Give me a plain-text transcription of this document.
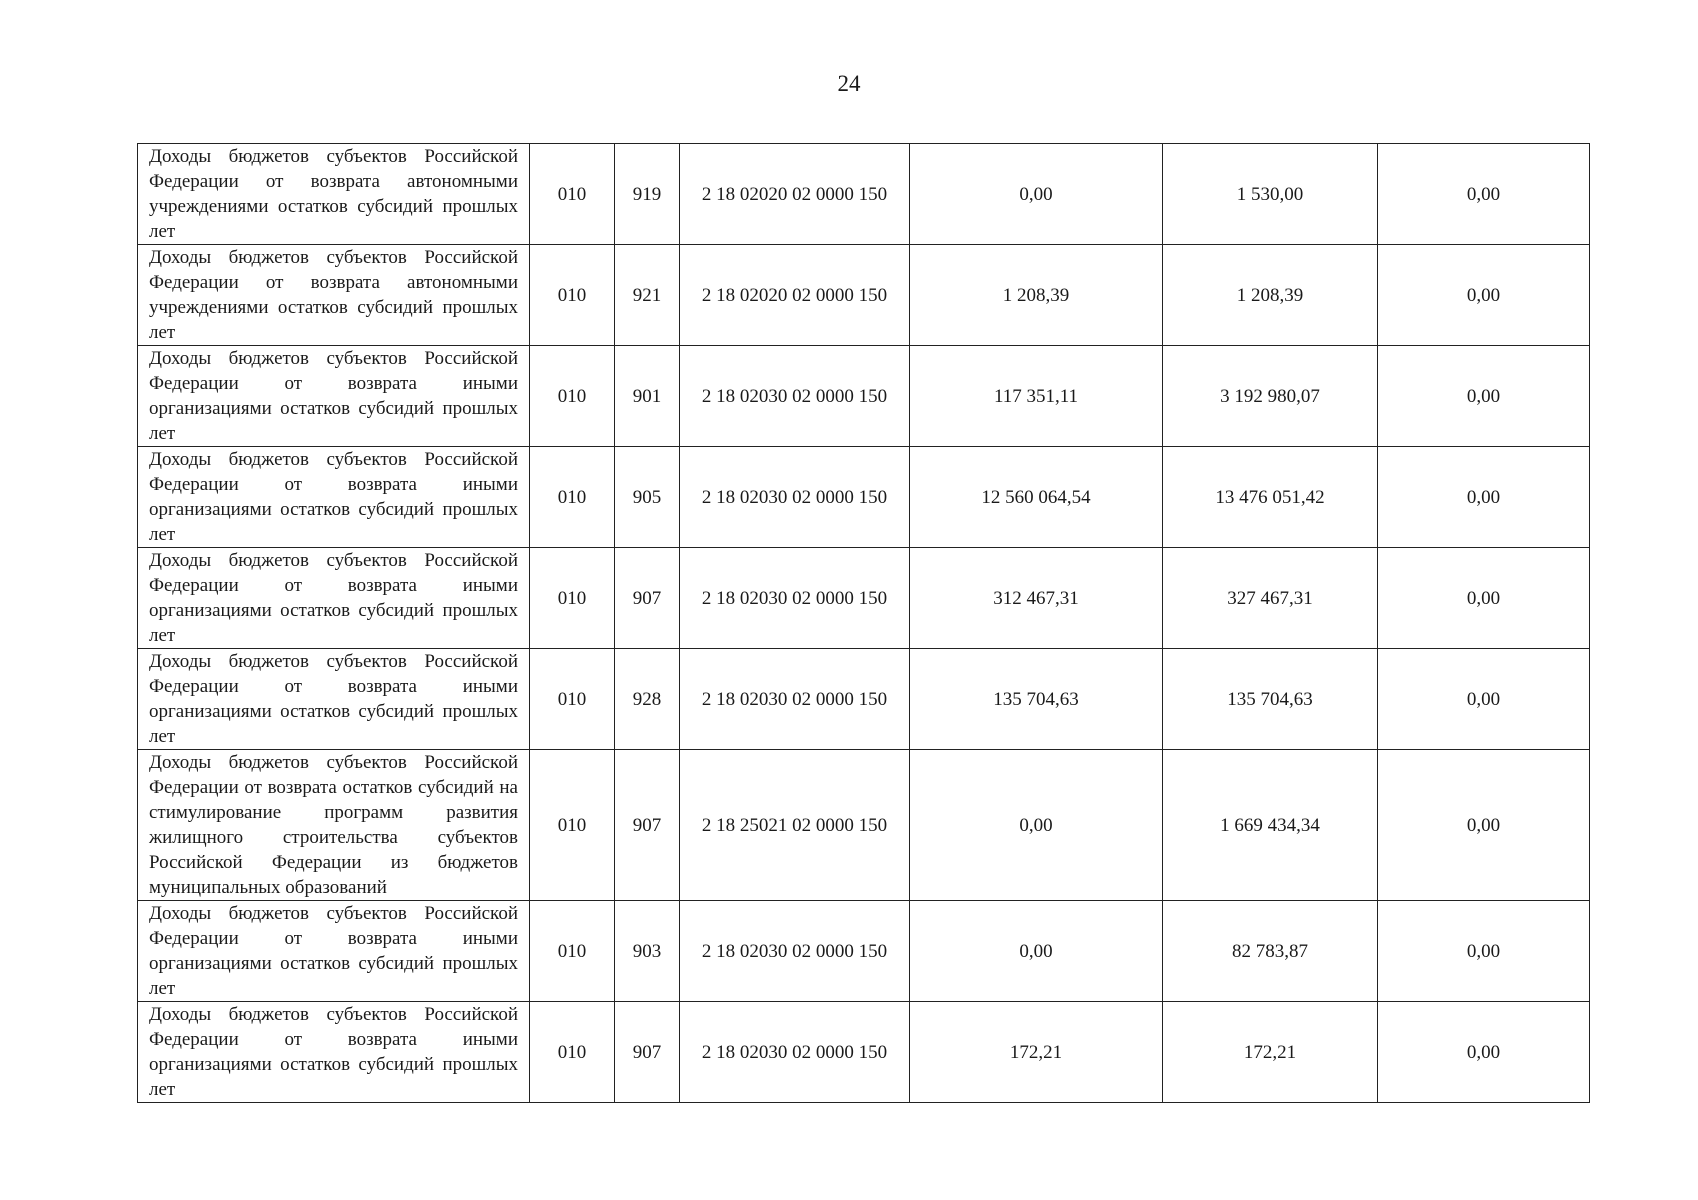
24
Доходы бюджетов субъектов Российской Федерации от возврата автономными учреждениями остатков субсидий прошлых лет	010	919	2 18 02020 02 0000 150	0,00	1 530,00	0,00
Доходы бюджетов субъектов Российской Федерации от возврата автономными учреждениями остатков субсидий прошлых лет	010	921	2 18 02020 02 0000 150	1 208,39	1 208,39	0,00
Доходы бюджетов субъектов Российской Федерации от возврата иными организациями остатков субсидий прошлых лет	010	901	2 18 02030 02 0000 150	117 351,11	3 192 980,07	0,00
Доходы бюджетов субъектов Российской Федерации от возврата иными организациями остатков субсидий прошлых лет	010	905	2 18 02030 02 0000 150	12 560 064,54	13 476 051,42	0,00
Доходы бюджетов субъектов Российской Федерации от возврата иными организациями остатков субсидий прошлых лет	010	907	2 18 02030 02 0000 150	312 467,31	327 467,31	0,00
Доходы бюджетов субъектов Российской Федерации от возврата иными организациями остатков субсидий прошлых лет	010	928	2 18 02030 02 0000 150	135 704,63	135 704,63	0,00
Доходы бюджетов субъектов Российской Федерации от возврата остатков субсидий на стимулирование программ развития жилищного строительства субъектов Российской Федерации из бюджетов муниципальных образований	010	907	2 18 25021 02 0000 150	0,00	1 669 434,34	0,00
Доходы бюджетов субъектов Российской Федерации от возврата иными организациями остатков субсидий прошлых лет	010	903	2 18 02030 02 0000 150	0,00	82 783,87	0,00
Доходы бюджетов субъектов Российской Федерации от возврата иными организациями остатков субсидий прошлых лет	010	907	2 18 02030 02 0000 150	172,21	172,21	0,00
